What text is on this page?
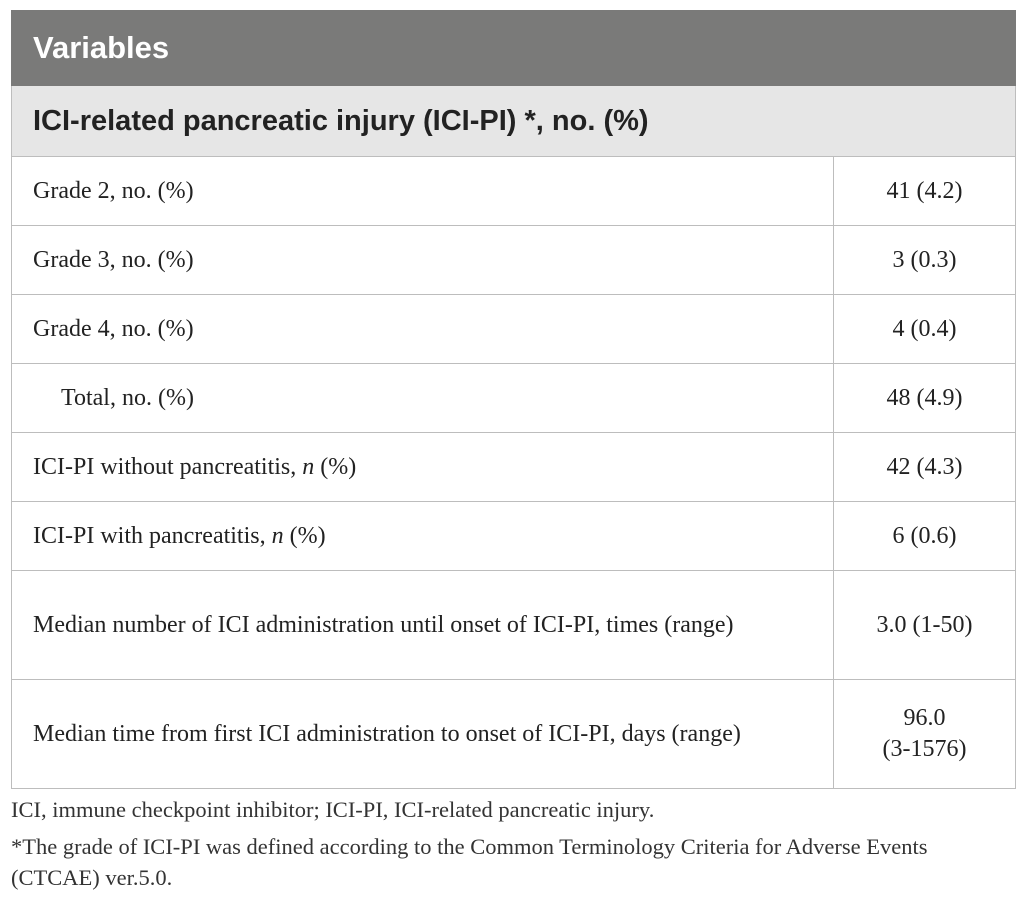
Variables	
ICI-related pancreatic injury (ICI-PI) *, no. (%)	
Grade 2, no. (%)	41 (4.2)
Grade 3, no. (%)	3 (0.3)
Grade 4, no. (%)	4 (0.4)
Total, no. (%)	48 (4.9)
ICI-PI without pancreatitis, n (%)	42 (4.3)
ICI-PI with pancreatitis, n (%)	6 (0.6)
Median number of ICI administration until onset of ICI-PI, times (range)	3.0 (1-50)
Median time from first ICI administration to onset of ICI-PI, days (range)	96.0
(3-1576)

ICI, immune checkpoint inhibitor; ICI-PI, ICI-related pancreatic injury.

*The grade of ICI-PI was defined according to the Common Terminology Criteria for Adverse Events (CTCAE) ver.5.0.
